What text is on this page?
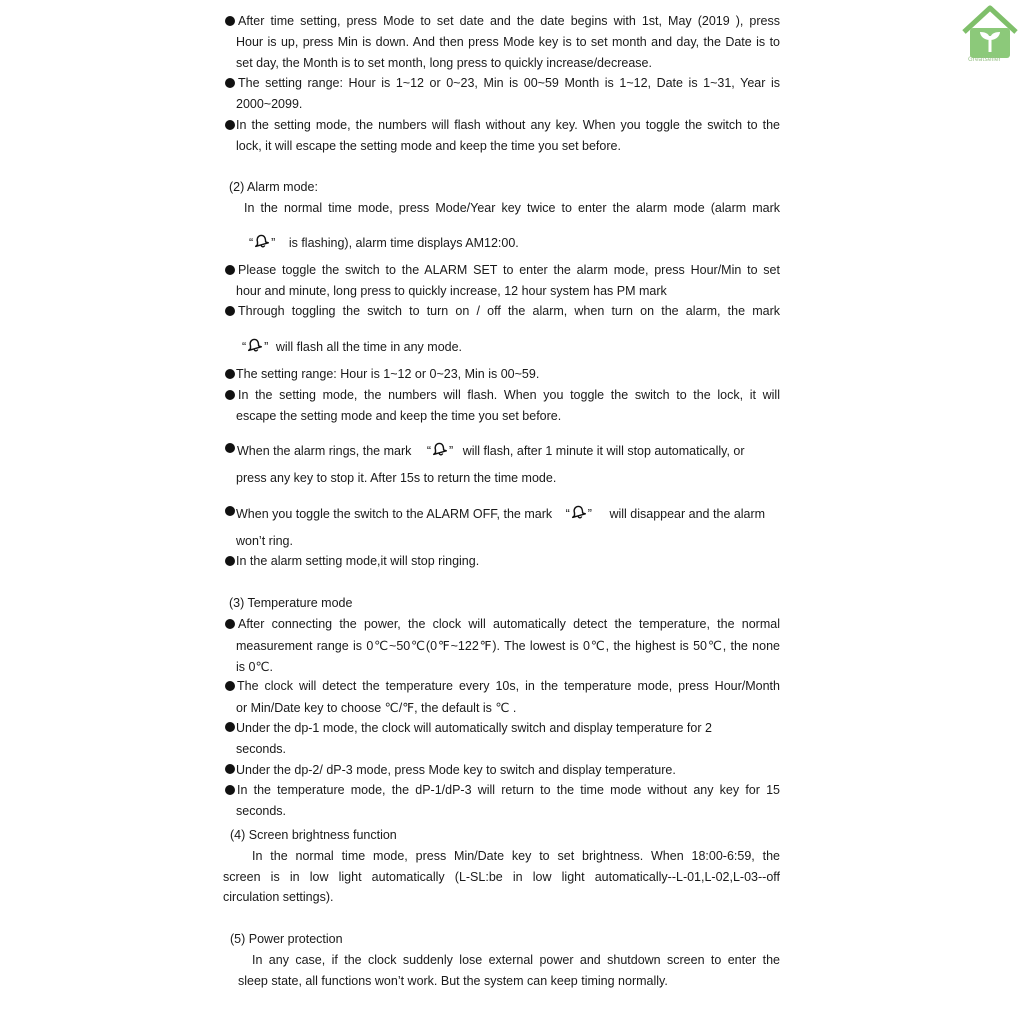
Greatseller
After time setting, press Mode to set date and the date begins with 1st, May (2019 ), press
Hour is up, press Min is down. And then press Mode key is to set month and day, the Date is to
set day, the Month is to set month, long press to quickly increase/decrease.
The setting range: Hour is 1~12 or 0~23, Min is 00~59 Month is 1~12, Date is 1~31, Year is
2000~2099.
In the setting mode, the numbers will flash without any key. When you toggle the switch to the
lock, it will escape the setting mode and keep the time you set before.
(2) Alarm mode:
In the normal time mode, press Mode/Year key twice to enter the alarm mode (alarm mark
“ ” is flashing), alarm time displays AM12:00.
Please toggle the switch to the ALARM SET to enter the alarm mode, press Hour/Min to set
hour and minute, long press to quickly increase, 12 hour system has PM mark
Through toggling the switch to turn on / off the alarm, when turn on the alarm, the mark
“ ” will flash all the time in any mode.
The setting range: Hour is 1~12 or 0~23, Min is 00~59.
In the setting mode, the numbers will flash. When you toggle the switch to the lock, it will
escape the setting mode and keep the time you set before.
When the alarm rings, the mark “ ” will flash, after 1 minute it will stop automatically, or
press any key to stop it. After 15s to return the time mode.
When you toggle the switch to the ALARM OFF, the mark “ ” will disappear and the alarm
won’t ring.
In the alarm setting mode,it will stop ringing.
(3) Temperature mode
After connecting the power, the clock will automatically detect the temperature, the normal
measurement range is 0℃~50℃(0℉~122℉). The lowest is 0℃, the highest is 50℃, the none
is 0℃.
The clock will detect the temperature every 10s, in the temperature mode, press Hour/Month
or Min/Date key to choose ℃/℉, the default is ℃ .
Under the dp-1 mode, the clock will automatically switch and display temperature for 2
seconds.
Under the dp-2/ dP-3 mode, press Mode key to switch and display temperature.
In the temperature mode, the dP-1/dP-3 will return to the time mode without any key for 15
seconds.
(4) Screen brightness function
In the normal time mode, press Min/Date key to set brightness. When 18:00-6:59, the
screen is in low light automatically (L-SL:be in low light automatically--L-01,L-02,L-03--off
circulation settings).
(5) Power protection
In any case, if the clock suddenly lose external power and shutdown screen to enter the
sleep state, all functions won’t work. But the system can keep timing normally.
